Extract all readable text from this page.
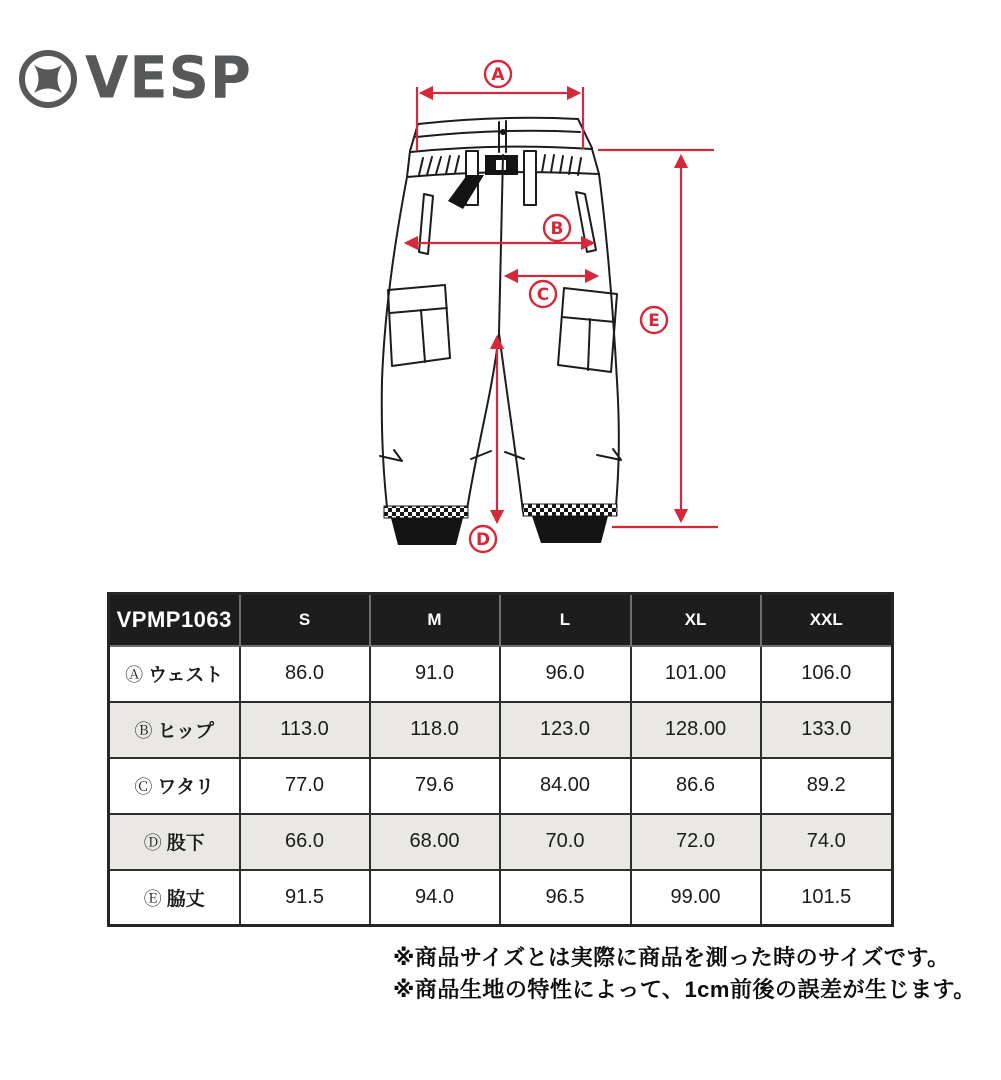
VESP	A
B
C
D
E
VPMP1063	S	M	L	XL	XXL
Ⓐ ウェスト	86.0	91.0	96.0	101.00	106.0
Ⓑ ヒップ	113.0	118.0	123.0	128.00	133.0
Ⓒ ワタリ	77.0	79.6	84.00	86.6	89.2
Ⓓ 股下	66.0	68.00	70.0	72.0	74.0
Ⓔ 脇丈	91.5	94.0	96.5	99.00	101.5
※商品サイズとは実際に商品を測った時のサイズです。
※商品生地の特性によって、1cm前後の誤差が生じます。
